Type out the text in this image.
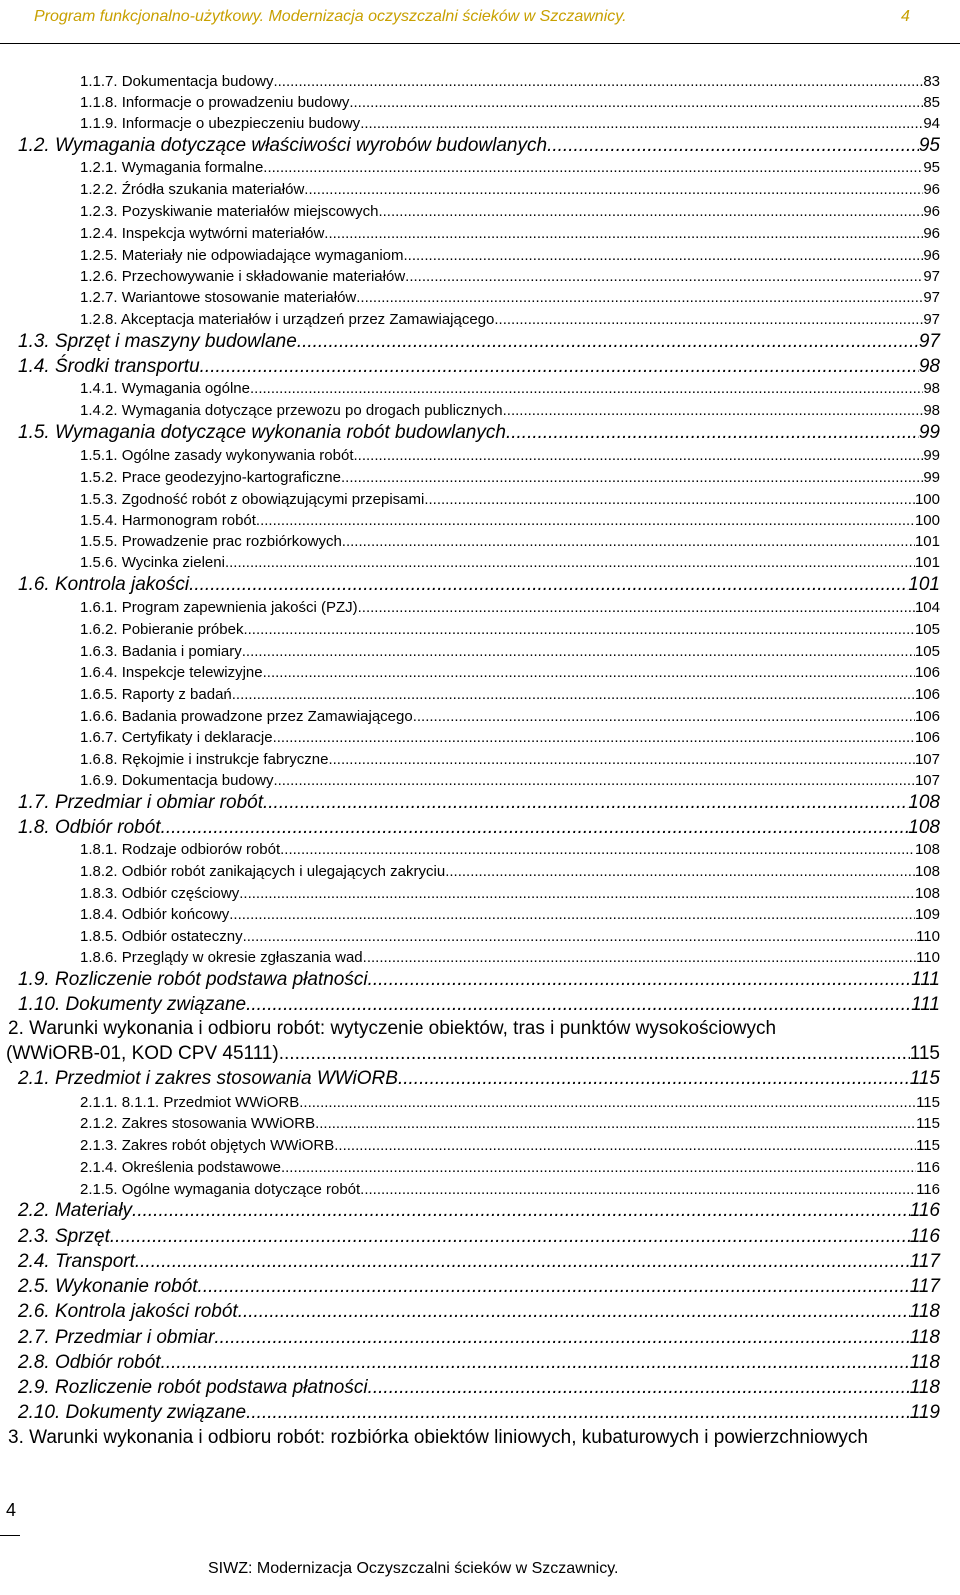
Program funkcjonalno-użytkowy. Modernizacja oczyszczalni ścieków w Szczawnicy.	4
1.1.7. Dokumentacja budowy .....	83
1.1.8. Informacje o prowadzeniu budowy .....	85
1.1.9. Informacje o ubezpieczeniu budowy .....	94
1.2. Wymagania dotyczące właściwości wyrobów budowlanych .....	95
1.2.1. Wymagania formalne .....	95
1.2.2. Źródła szukania materiałów .....	96
1.2.3. Pozyskiwanie materiałów miejscowych .....	96
1.2.4. Inspekcja wytwórni materiałów .....	96
1.2.5. Materiały nie odpowiadające wymaganiom .....	96
1.2.6. Przechowywanie i składowanie materiałów .....	97
1.2.7. Wariantowe stosowanie materiałów .....	97
1.2.8. Akceptacja materiałów i urządzeń przez Zamawiającego .....	97
1.3. Sprzęt i maszyny budowlane .....	97
1.4. Środki transportu .....	98
1.4.1. Wymagania ogólne .....	98
1.4.2. Wymagania dotyczące przewozu po drogach publicznych .....	98
1.5. Wymagania dotyczące wykonania robót budowlanych .....	99
1.5.1. Ogólne zasady wykonywania robót .....	99
1.5.2. Prace geodezyjno-kartograficzne .....	99
1.5.3. Zgodność robót z obowiązującymi przepisami .....	100
1.5.4. Harmonogram robót .....	100
1.5.5. Prowadzenie prac rozbiórkowych .....	101
1.5.6. Wycinka zieleni .....	101
1.6. Kontrola jakości .....	101
1.6.1. Program zapewnienia jakości (PZJ) .....	104
1.6.2. Pobieranie próbek .....	105
1.6.3. Badania i pomiary .....	105
1.6.4. Inspekcje telewizyjne .....	106
1.6.5. Raporty z badań .....	106
1.6.6. Badania prowadzone przez Zamawiającego .....	106
1.6.7. Certyfikaty i deklaracje .....	106
1.6.8. Rękojmie i instrukcje fabryczne .....	107
1.6.9. Dokumentacja budowy .....	107
1.7. Przedmiar i obmiar robót .....	108
1.8. Odbiór robót .....	108
1.8.1. Rodzaje odbiorów robót .....	108
1.8.2. Odbiór robót zanikających i ulegających zakryciu .....	108
1.8.3. Odbiór częściowy .....	108
1.8.4. Odbiór końcowy .....	109
1.8.5. Odbiór ostateczny .....	110
1.8.6. Przeglądy w okresie zgłaszania wad .....	110
1.9. Rozliczenie robót podstawa płatności .....	111
1.10. Dokumenty związane .....	111
2. Warunki wykonania i odbioru robót: wytyczenie obiektów, tras i punktów wysokościowych
(WWiORB-01, KOD CPV 45111) .....	115
2.1. Przedmiot i zakres stosowania WWiORB .....	115
2.1.1. 8.1.1. Przedmiot WWiORB .....	115
2.1.2. Zakres stosowania WWiORB .....	115
2.1.3. Zakres robót objętych WWiORB .....	115
2.1.4. Określenia podstawowe .....	116
2.1.5. Ogólne wymagania dotyczące robót .....	116
2.2. Materiały .....	116
2.3. Sprzęt .....	116
2.4. Transport .....	117
2.5. Wykonanie robót .....	117
2.6. Kontrola jakości robót .....	118
2.7. Przedmiar i obmiar .....	118
2.8. Odbiór robót .....	118
2.9. Rozliczenie robót podstawa płatności .....	118
2.10. Dokumenty związane .....	119
3. Warunki wykonania i odbioru robót: rozbiórka obiektów liniowych, kubaturowych i powierzchniowych
4
SIWZ: Modernizacja Oczyszczalni ścieków w Szczawnicy.
